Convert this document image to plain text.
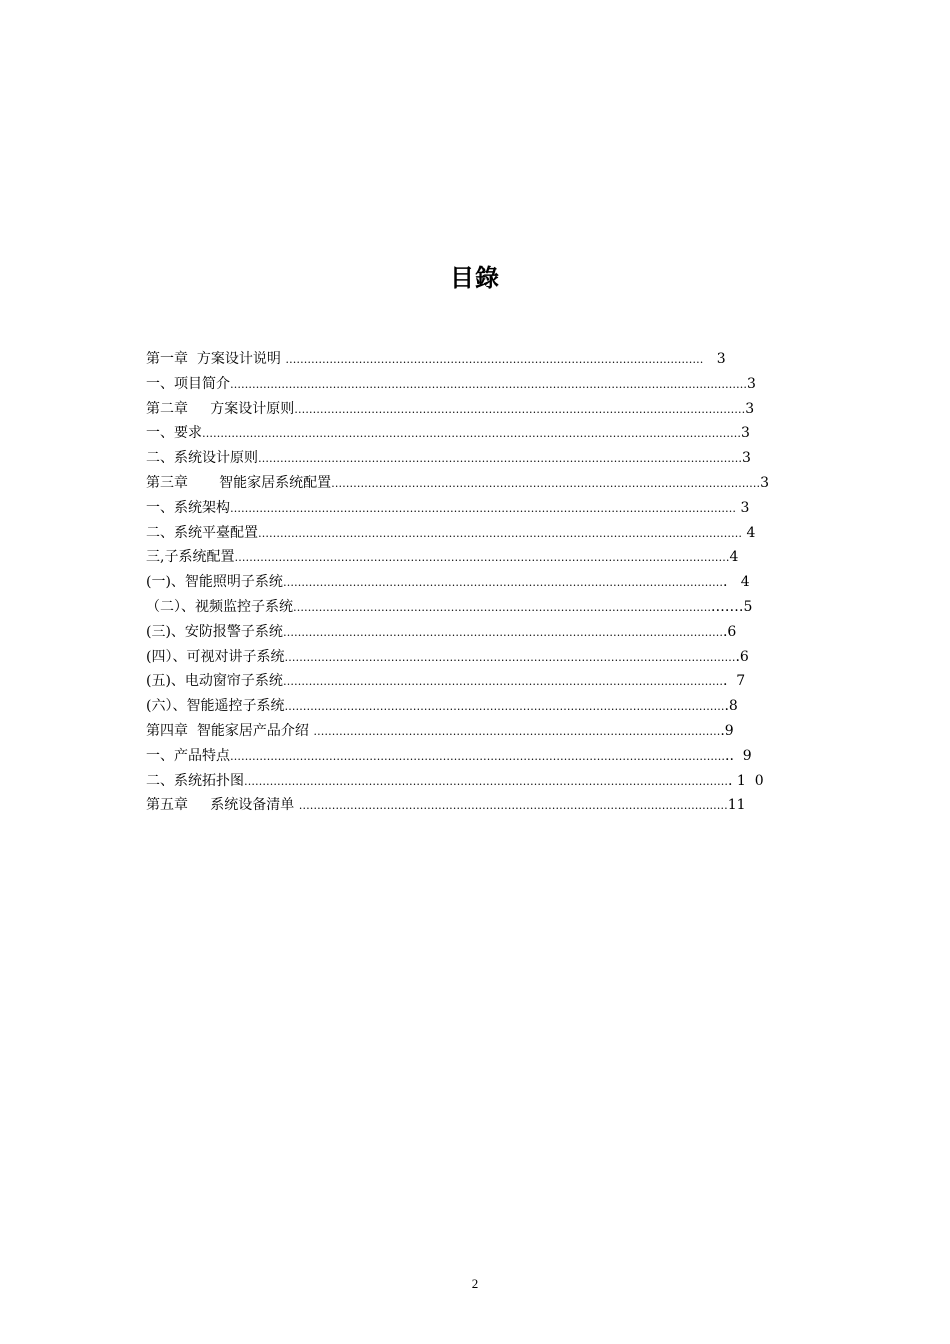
目錄
第一章  方案设计说明 …………………………………………………………………………………………………… 3
一、项目简介 …………………………………………………………………………………………………………………………… 3
第二章     方案设计原则 …………………………………………………………………………………………………………… 3
一、要求 ………………………………………………………………………………………………………………………………… 3
二、系统设计原则 …………………………………………………………………………………………………………………… 3
第三章       智能家居系统配置 ……………………………………………………………………………………………………… 3
一、系统架构 ………………………………………………………………………………………………………………………… 3
二、系统平臺配置 …………………………………………………………………………………………………………………… 4
三,子系统配置 ……………………………………………………………………………………………………………………… 4
(一)、智能照明子系统 ………………………………………………………………………………………………………… .   4
（二）、视频监控子系统 …………………………………………………………………………………………………… .……5
(三)、安防报警子系统 ………………………………………………………………………………………………………… .6
(四）、可视对讲子系统 …………………………………………………………………………………………………………… .6
(五)、电动窗帘子系统 ………………………………………………………………………………………………………… .  7
(六）、智能遥控子系统 ………………………………………………………………………………………………………… .8
第四章  智能家居产品介绍 ………………………………………………………………………………………………… .9
一、产品特点 ……………………………………………………………………………………………………………………… ..  9
二、系统拓扑图 …………………………………………………………………………………………………………………… . 1  0
第五章     系统设备清单 ……………………………………………………………………………………………………… 11
2
